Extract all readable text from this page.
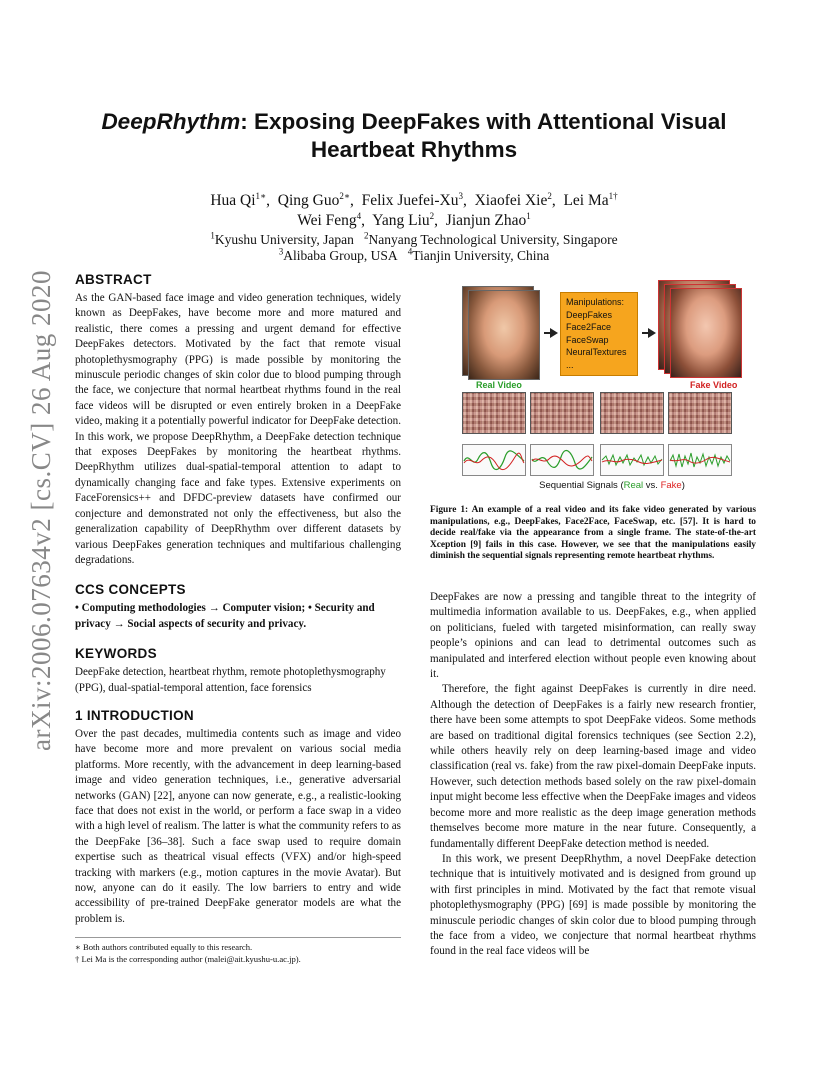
arXiv:2006.07634v2 [cs.CV] 26 Aug 2020
DeepRhythm: Exposing DeepFakes with Attentional Visual
Heartbeat Rhythms
Hua $Qi^{1∗}$,  Qing Guo$^{2∗}$,  Felix Juefei-Xu$^3$,  Xiaofei Xie$^2$,  Lei $Ma^{1\dagger}$
Wei Feng$^4$,  Yang Liu$^2$,  Jianjun Zhao$^1$
$^1$Kyushu University, Japan $^2$Nanyang Technological University, Singapore
$^3$Alibaba Group, USA $^4$Tianjin University, China
ABSTRACT

As the GAN-based face image and video generation techniques, widely known as DeepFakes, have become more and more matured and realistic, there comes a pressing and urgent demand for effective DeepFakes detectors. Motivated by the fact that remote visual photoplethysmography (PPG) is made possible by monitoring the minuscule periodic changes of skin color due to blood pumping through the face, we conjecture that normal heartbeat rhythms found in the real face videos will be disrupted or even entirely broken in a DeepFake video, making it a potentially powerful indicator for DeepFake detection. In this work, we propose DeepRhythm, a DeepFake detection technique that exposes DeepFakes by monitoring the heartbeat rhythms. DeepRhythm utilizes dual-spatial-temporal attention to adapt to dynamically changing face and fake types. Extensive experiments on FaceForensics++ and DFDC-preview datasets have confirmed our conjecture and demonstrated not only the effectiveness, but also the generalization capability of DeepRhythm over different datasets by various DeepFakes generation techniques and multifarious challenging degradations.

CCS CONCEPTS

• Computing methodologies → Computer vision; • Security and privacy → Social aspects of security and privacy.

KEYWORDS

DeepFake detection, heartbeat rhythm, remote photoplethysmography (PPG), dual-spatial-temporal attention, face forensics

1 INTRODUCTION

Over the past decades, multimedia contents such as image and video have become more and more prevalent on various social media platforms. More recently, with the advancement in deep learning-based image and video generation techniques, i.e., generative adversarial networks (GAN) [22], anyone can now generate, e.g., a realistic-looking face that does not exist in the world, or perform a face swap in a video with a high level of realism. The latter is what the community refers to as the DeepFake [36–38]. Such a face swap used to require domain expertise such as theatrical visual effects (VFX) and/or high-speed tracking with markers (e.g., motion captures in the movie Avatar). But now, anyone can do it easily. The low barriers to entry and wide accessibility of pre-trained DeepFake generator models are what the problem is.

Manipulations:
DeepFakes
Face2Face
FaceSwap
NeuralTextures
...
Real Video	Fake Video
Sequential Signals (Real vs. Fake)
Figure 1: An example of a real video and its fake video generated by various manipulations, e.g., DeepFakes, Face2Face, FaceSwap, etc. [57]. It is hard to decide real/fake via the appearance from a single frame. The state-of-the-art Xception [9] fails in this case. However, we see that the manipulations easily diminish the sequential signals representing remote heartbeat rhythms.

DeepFakes are now a pressing and tangible threat to the integrity of multimedia information available to us. DeepFakes, e.g., when applied on politicians, fueled with targeted misinformation, can really sway people’s opinions and can lead to detrimental outcomes such as manipulated and interfered election without people even knowing about it.

Therefore, the fight against DeepFakes is currently in dire need. Although the detection of DeepFakes is a fairly new research frontier, there have been some attempts to spot DeepFake videos. Some methods are based on traditional digital forensics techniques (see Section 2.2), while others heavily rely on deep learning-based image and video classification (real vs. fake) from the raw pixel-domain DeepFake inputs. However, such detection methods based solely on the raw pixel-domain input might become less effective when the DeepFake images and videos become more and more realistic as the deep image generation methods themselves become more mature in the near future. Consequently, a fundamentally different DeepFake detection method is needed.

In this work, we present DeepRhythm, a novel DeepFake detection technique that is intuitively motivated and is designed from ground up with first principles in mind. Motivated by the fact that remote visual photoplethysmography (PPG) [69] is made possible by monitoring the minuscule periodic changes of skin color due to blood pumping through the face from a video, we conjecture that normal heartbeat rhythms found in the real face videos will be

∗ Both authors contributed equally to this research.
† Lei Ma is the corresponding author (malei@ait.kyushu-u.ac.jp).
